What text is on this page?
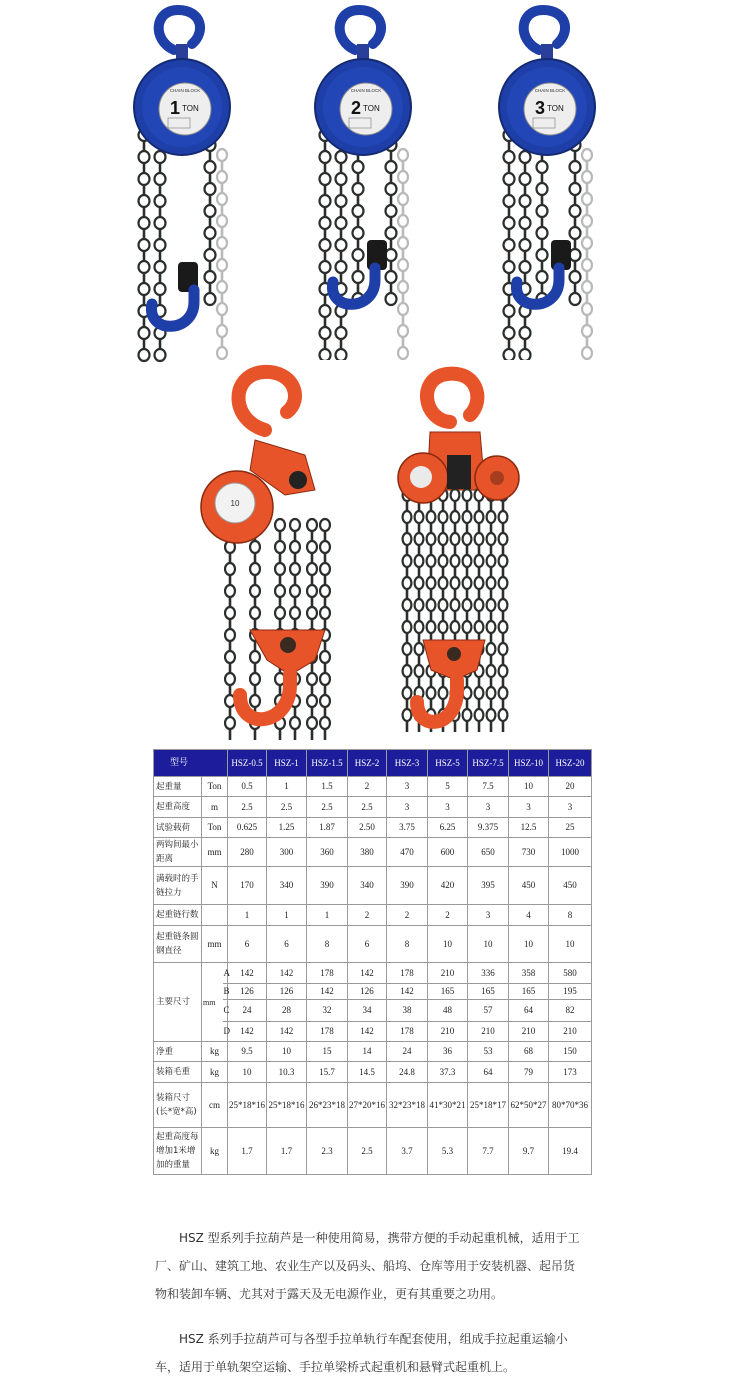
1 TON
CHAIN BLOCK
2 TON
CHAIN BLOCK
3 TON
CHAIN BLOCK
10
型号			HSZ-0.5	HSZ-1	HSZ-1.5	HSZ-2	HSZ-3	HSZ-5	HSZ-7.5	HSZ-10	HSZ-20
起重量	Ton		0.5	1	1.5	2	3	5	7.5	10	20
起重高度	m		2.5	2.5	2.5	2.5	3	3	3	3	3
试验载荷	Ton		0.625	1.25	1.87	2.50	3.75	6.25	9.375	12.5	25
两钩间最小距离	mm		280	300	360	380	470	600	650	730	1000
满载时的手链拉力	N		170	340	390	340	390	420	395	450	450
起重链行数			1	1	1	2	2	2	3	4	8
起重链条圆钢直径	mm		6	6	8	6	8	10	10	10	10
主要尺寸	mm	A	142	142	178	142	178	210	336	358	580
		B	126	126	142	126	142	165	165	165	195
		C	24	28	32	34	38	48	57	64	82
		D	142	142	178	142	178	210	210	210	210
净重	kg		9.5	10	15	14	24	36	53	68	150
装箱毛重	kg		10	10.3	15.7	14.5	24.8	37.3	64	79	173
装箱尺寸(长*宽*高)	cm		25*18*16	25*18*16	26*23*18	27*20*16	32*23*18	41*30*21	25*18*17	62*50*27	80*70*36
起重高度每增加1米增加的重量	kg		1.7	1.7	2.3	2.5	3.7	5.3	7.7	9.7	19.4
HSZ 型系列手拉葫芦是一种使用简易，携带方便的手动起重机械，适用于工
厂、矿山、建筑工地、农业生产以及码头、船坞、仓库等用于安装机器、起吊货
物和装卸车辆、尤其对于露天及无电源作业，更有其重要之功用。
HSZ 系列手拉葫芦可与各型手拉单轨行车配套使用，组成手拉起重运输小
车，适用于单轨架空运输、手拉单梁桥式起重机和悬臂式起重机上。
